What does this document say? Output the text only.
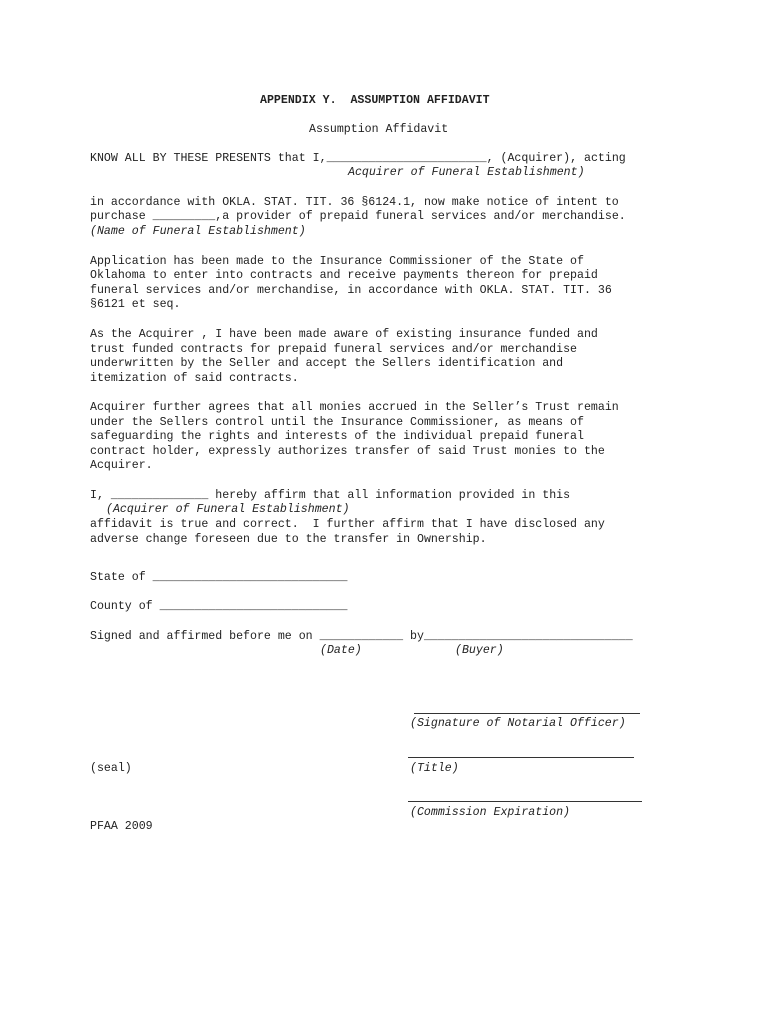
APPENDIX Y.  ASSUMPTION AFFIDAVIT
Assumption Affidavit
KNOW ALL BY THESE PRESENTS that I,_______________________, (Acquirer), acting
Acquirer of Funeral Establishment)
in accordance with OKLA. STAT. TIT. 36 §6124.1, now make notice of intent to
purchase _________,a provider of prepaid funeral services and/or merchandise.
(Name of Funeral Establishment)
Application has been made to the Insurance Commissioner of the State of
Oklahoma to enter into contracts and receive payments thereon for prepaid
funeral services and/or merchandise, in accordance with OKLA. STAT. TIT. 36
§6121 et seq.
As the Acquirer , I have been made aware of existing insurance funded and
trust funded contracts for prepaid funeral services and/or merchandise
underwritten by the Seller and accept the Sellers identification and
itemization of said contracts.
Acquirer further agrees that all monies accrued in the Seller’s Trust remain
under the Sellers control until the Insurance Commissioner, as means of
safeguarding the rights and interests of the individual prepaid funeral
contract holder, expressly authorizes transfer of said Trust monies to the
Acquirer.
I, ______________ hereby affirm that all information provided in this
(Acquirer of Funeral Establishment)
affidavit is true and correct.  I further affirm that I have disclosed any
adverse change foreseen due to the transfer in Ownership.
State of ____________________________
County of ___________________________
Signed and affirmed before me on ____________ by______________________________
(Date)	(Buyer)
(Signature of Notarial Officer)
(seal)	(Title)
(Commission Expiration)
PFAA 2009
